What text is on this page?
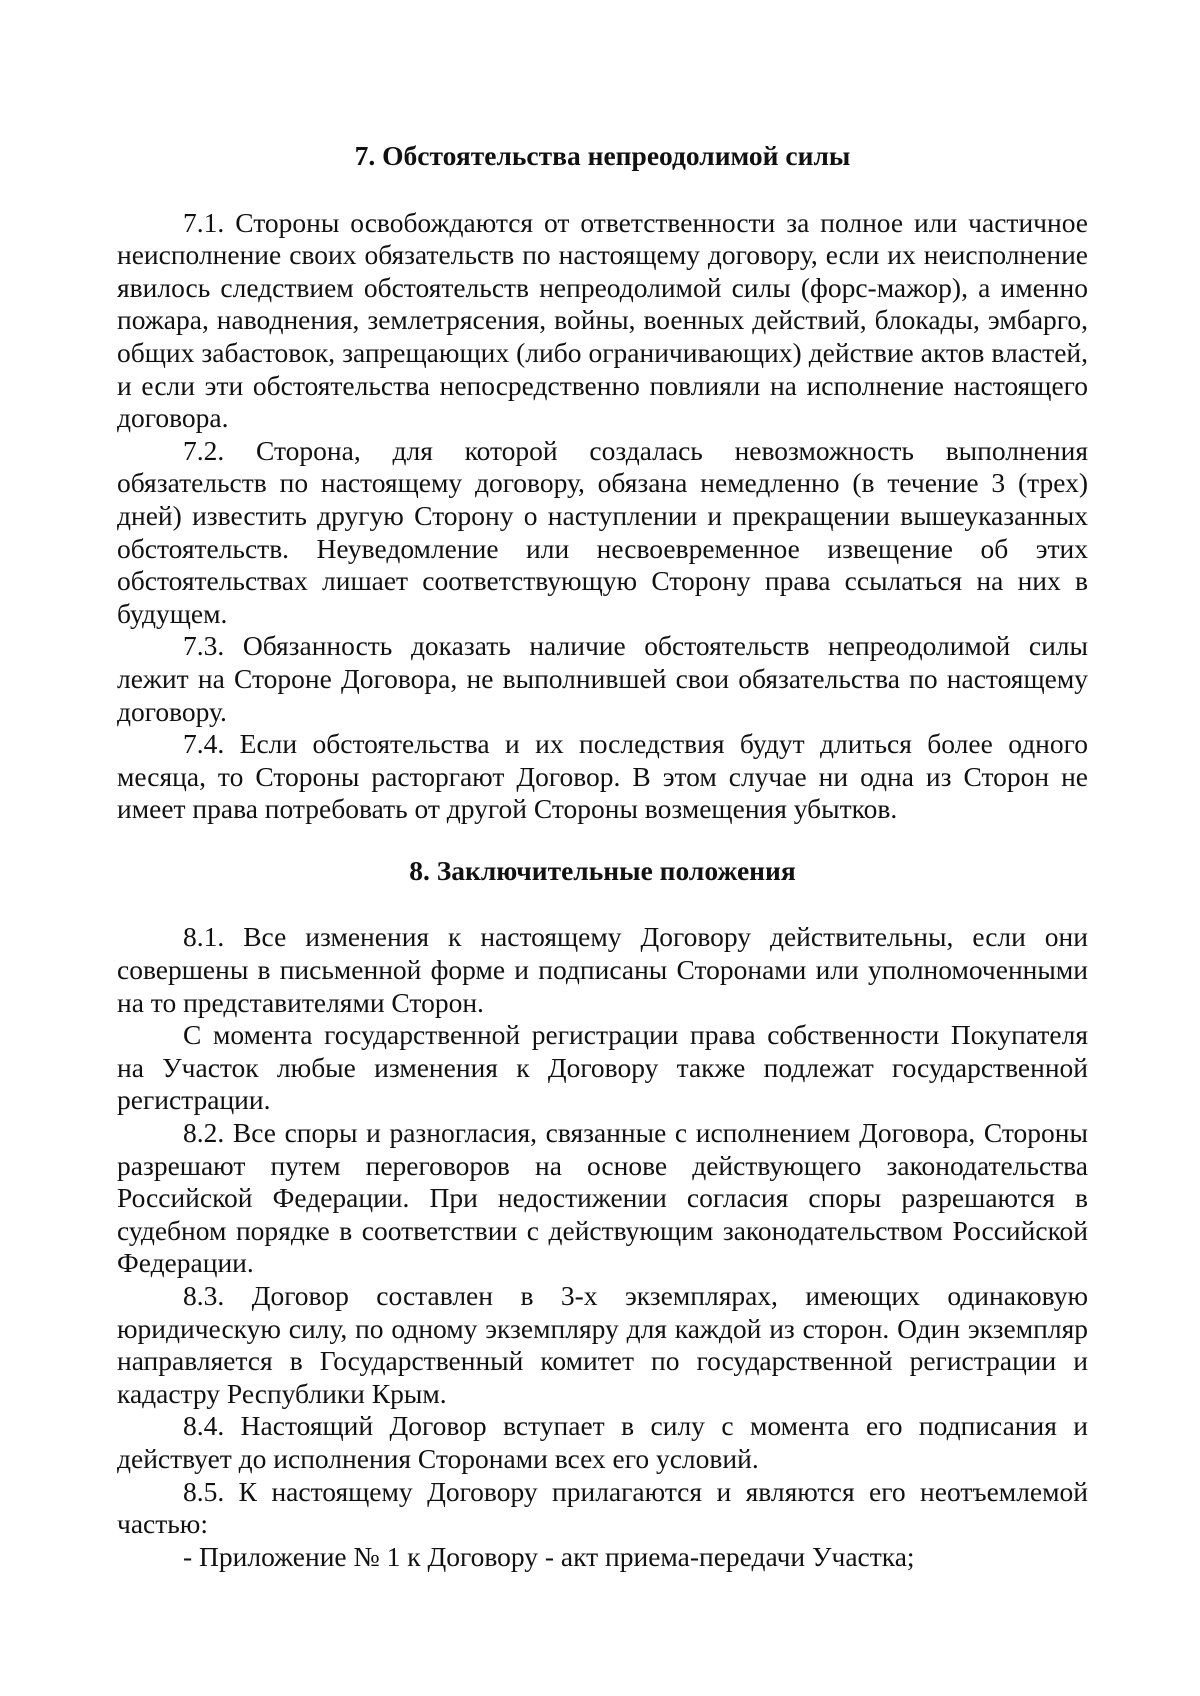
7. Обстоятельства непреодолимой силы

7.1. Стороны освобождаются от ответственности за полное или частичное неисполнение своих обязательств по настоящему договору, если их неисполнение явилось следствием обстоятельств непреодолимой силы (форс-мажор), а именно пожара, наводнения, землетрясения, войны, военных действий, блокады, эмбарго, общих забастовок, запрещающих (либо ограничивающих) действие актов властей, и если эти обстоятельства непосредственно повлияли на исполнение настоящего договора.

7.2. Сторона, для которой создалась невозможность выполнения обязательств по настоящему договору, обязана немедленно (в течение 3 (трех) дней) известить другую Сторону о наступлении и прекращении вышеуказанных обстоятельств. Неуведомление или несвоевременное извещение об этих обстоятельствах лишает соответствующую Сторону права ссылаться на них в будущем.

7.3. Обязанность доказать наличие обстоятельств непреодолимой силы лежит на Стороне Договора, не выполнившей свои обязательства по настоящему договору.

7.4. Если обстоятельства и их последствия будут длиться более одного месяца, то Стороны расторгают Договор. В этом случае ни одна из Сторон не имеет права потребовать от другой Стороны возмещения убытков.

8. Заключительные положения

8.1. Все изменения к настоящему Договору действительны, если они совершены в письменной форме и подписаны Сторонами или уполномоченными на то представителями Сторон.

С момента государственной регистрации права собственности Покупателя на Участок любые изменения к Договору также подлежат государственной регистрации.

8.2. Все споры и разногласия, связанные с исполнением Договора, Стороны разрешают путем переговоров на основе действующего законодательства Российской Федерации. При недостижении согласия споры разрешаются в судебном порядке в соответствии с действующим законодательством Российской Федерации.

8.3. Договор составлен в 3-х экземплярах, имеющих одинаковую юридическую силу, по одному экземпляру для каждой из сторон. Один экземпляр направляется в Государственный комитет по государственной регистрации и кадастру Республики Крым.

8.4. Настоящий Договор вступает в силу с момента его подписания и действует до исполнения Сторонами всех его условий.

8.5. К настоящему Договору прилагаются и являются его неотъемлемой частью:

- Приложение № 1 к Договору - акт приема-передачи Участка;
